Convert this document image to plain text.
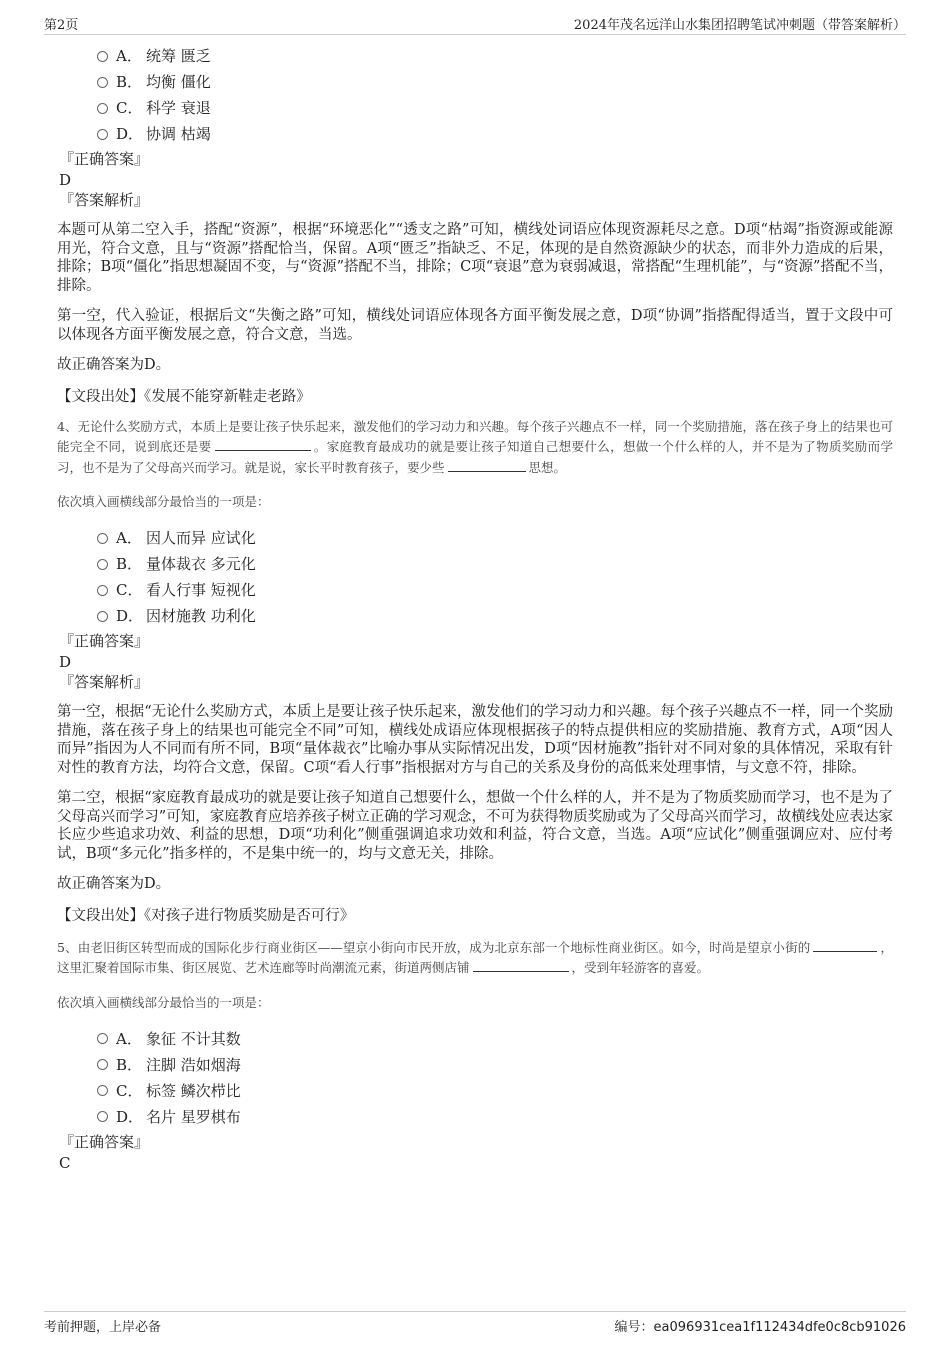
第2页	2024年茂名远洋山水集团招聘笔试冲刺题（带答案解析）
A． 统筹 匮乏
B． 均衡 僵化
C． 科学 衰退
D． 协调 枯竭
『正确答案』
D
『答案解析』

本题可从第二空入手，搭配“资源”，根据“环境恶化”“透支之路”可知，横线处词语应体现资源耗尽之意。D项“枯竭”指资源或能源用光，符合文意，且与“资源”搭配恰当，保留。A项“匮乏”指缺乏、不足，体现的是自然资源缺少的状态，而非外力造成的后果，排除；B项“僵化”指思想凝固不变，与“资源”搭配不当，排除；C项“衰退”意为衰弱减退，常搭配“生理机能”，与“资源”搭配不当，排除。

第一空，代入验证，根据后文“失衡之路”可知，横线处词语应体现各方面平衡发展之意，D项“协调”指搭配得适当，置于文段中可以体现各方面平衡发展之意，符合文意，当选。

故正确答案为D。

【文段出处】《发展不能穿新鞋走老路》

4、无论什么奖励方式，本质上是要让孩子快乐起来，激发他们的学习动力和兴趣。每个孩子兴趣点不一样，同一个奖励措施，落在孩子身上的结果也可能完全不同，说到底还是要	。家庭教育最成功的就是要让孩子知道自己想要什么，想做一个什么样的人，并不是为了物质奖励而学习，也不是为了父母高兴而学习。就是说，家长平时教育孩子，要少些	思想。

依次填入画横线部分最恰当的一项是：

A． 因人而异 应试化
B． 量体裁衣 多元化
C． 看人行事 短视化
D． 因材施教 功利化
『正确答案』
D
『答案解析』

第一空，根据“无论什么奖励方式，本质上是要让孩子快乐起来，激发他们的学习动力和兴趣。每个孩子兴趣点不一样，同一个奖励措施，落在孩子身上的结果也可能完全不同”可知，横线处成语应体现根据孩子的特点提供相应的奖励措施、教育方式，A项“因人而异”指因为人不同而有所不同，B项“量体裁衣”比喻办事从实际情况出发，D项“因材施教”指针对不同对象的具体情况，采取有针对性的教育方法，均符合文意，保留。C项“看人行事”指根据对方与自己的关系及身份的高低来处理事情，与文意不符，排除。

第二空，根据“家庭教育最成功的就是要让孩子知道自己想要什么，想做一个什么样的人，并不是为了物质奖励而学习，也不是为了父母高兴而学习”可知，家庭教育应培养孩子树立正确的学习观念，不可为获得物质奖励或为了父母高兴而学习，故横线处应表达家长应少些追求功效、利益的思想，D项“功利化”侧重强调追求功效和利益，符合文意，当选。A项“应试化”侧重强调应对、应付考试，B项“多元化”指多样的，不是集中统一的，均与文意无关，排除。

故正确答案为D。

【文段出处】《对孩子进行物质奖励是否可行》

5、由老旧街区转型而成的国际化步行商业街区——望京小街向市民开放，成为北京东部一个地标性商业街区。如今，时尚是望京小街的	，这里汇聚着国际市集、街区展览、艺术连廊等时尚潮流元素，街道两侧店铺	，受到年轻游客的喜爱。

依次填入画横线部分最恰当的一项是：

A． 象征 不计其数
B． 注脚 浩如烟海
C． 标签 鳞次栉比
D． 名片 星罗棋布
『正确答案』
C
考前押题，上岸必备	编号：ea096931cea1f112434dfe0c8cb91026
